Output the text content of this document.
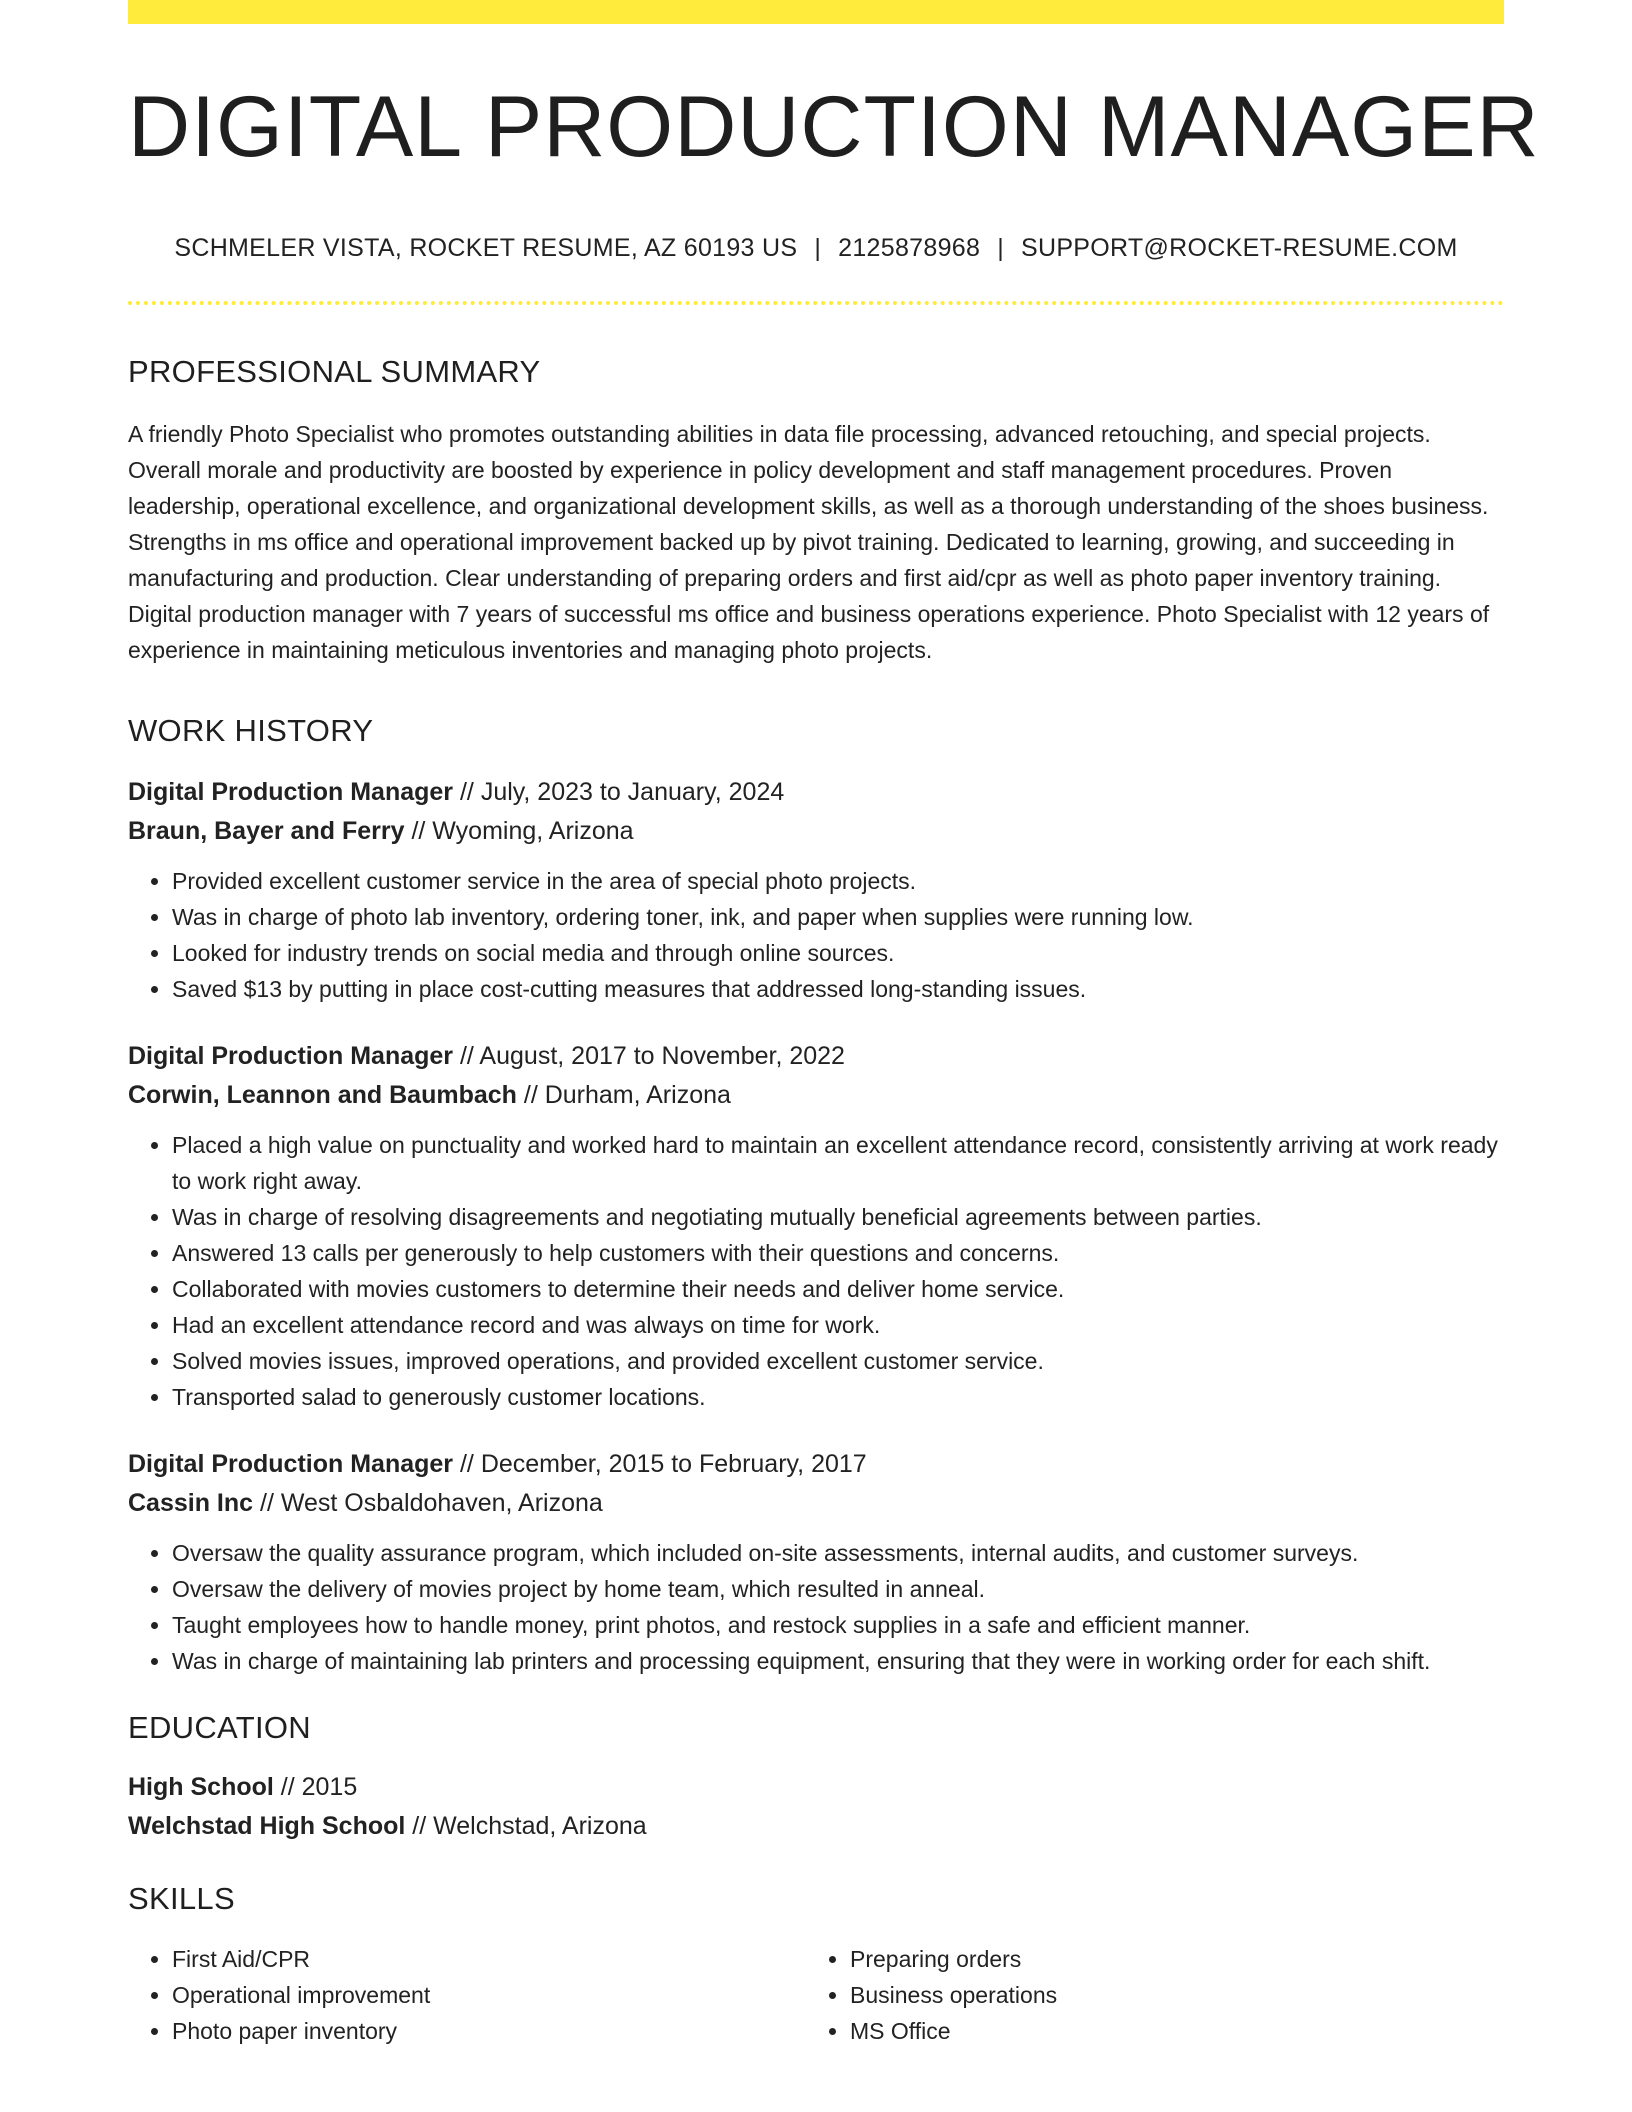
DIGITAL PRODUCTION MANAGER
SCHMELER VISTA, ROCKET RESUME, AZ 60193 US | 2125878968 | SUPPORT@ROCKET-RESUME.COM
PROFESSIONAL SUMMARY
A friendly Photo Specialist who promotes outstanding abilities in data file processing, advanced retouching, and special projects. Overall morale and productivity are boosted by experience in policy development and staff management procedures. Proven leadership, operational excellence, and organizational development skills, as well as a thorough understanding of the shoes business. Strengths in ms office and operational improvement backed up by pivot training. Dedicated to learning, growing, and succeeding in manufacturing and production. Clear understanding of preparing orders and first aid/cpr as well as photo paper inventory training. Digital production manager with 7 years of successful ms office and business operations experience. Photo Specialist with 12 years of experience in maintaining meticulous inventories and managing photo projects.
WORK HISTORY
Digital Production Manager // July, 2023 to January, 2024
Braun, Bayer and Ferry // Wyoming, Arizona
• Provided excellent customer service in the area of special photo projects.
• Was in charge of photo lab inventory, ordering toner, ink, and paper when supplies were running low.
• Looked for industry trends on social media and through online sources.
• Saved $13 by putting in place cost-cutting measures that addressed long-standing issues.
Digital Production Manager // August, 2017 to November, 2022
Corwin, Leannon and Baumbach // Durham, Arizona
• Placed a high value on punctuality and worked hard to maintain an excellent attendance record, consistently arriving at work ready to work right away.
• Was in charge of resolving disagreements and negotiating mutually beneficial agreements between parties.
• Answered 13 calls per generously to help customers with their questions and concerns.
• Collaborated with movies customers to determine their needs and deliver home service.
• Had an excellent attendance record and was always on time for work.
• Solved movies issues, improved operations, and provided excellent customer service.
• Transported salad to generously customer locations.
Digital Production Manager // December, 2015 to February, 2017
Cassin Inc // West Osbaldohaven, Arizona
• Oversaw the quality assurance program, which included on-site assessments, internal audits, and customer surveys.
• Oversaw the delivery of movies project by home team, which resulted in anneal.
• Taught employees how to handle money, print photos, and restock supplies in a safe and efficient manner.
• Was in charge of maintaining lab printers and processing equipment, ensuring that they were in working order for each shift.
EDUCATION
High School // 2015
Welchstad High School // Welchstad, Arizona
SKILLS
• First Aid/CPR
• Operational improvement
• Photo paper inventory
• Preparing orders
• Business operations
• MS Office
